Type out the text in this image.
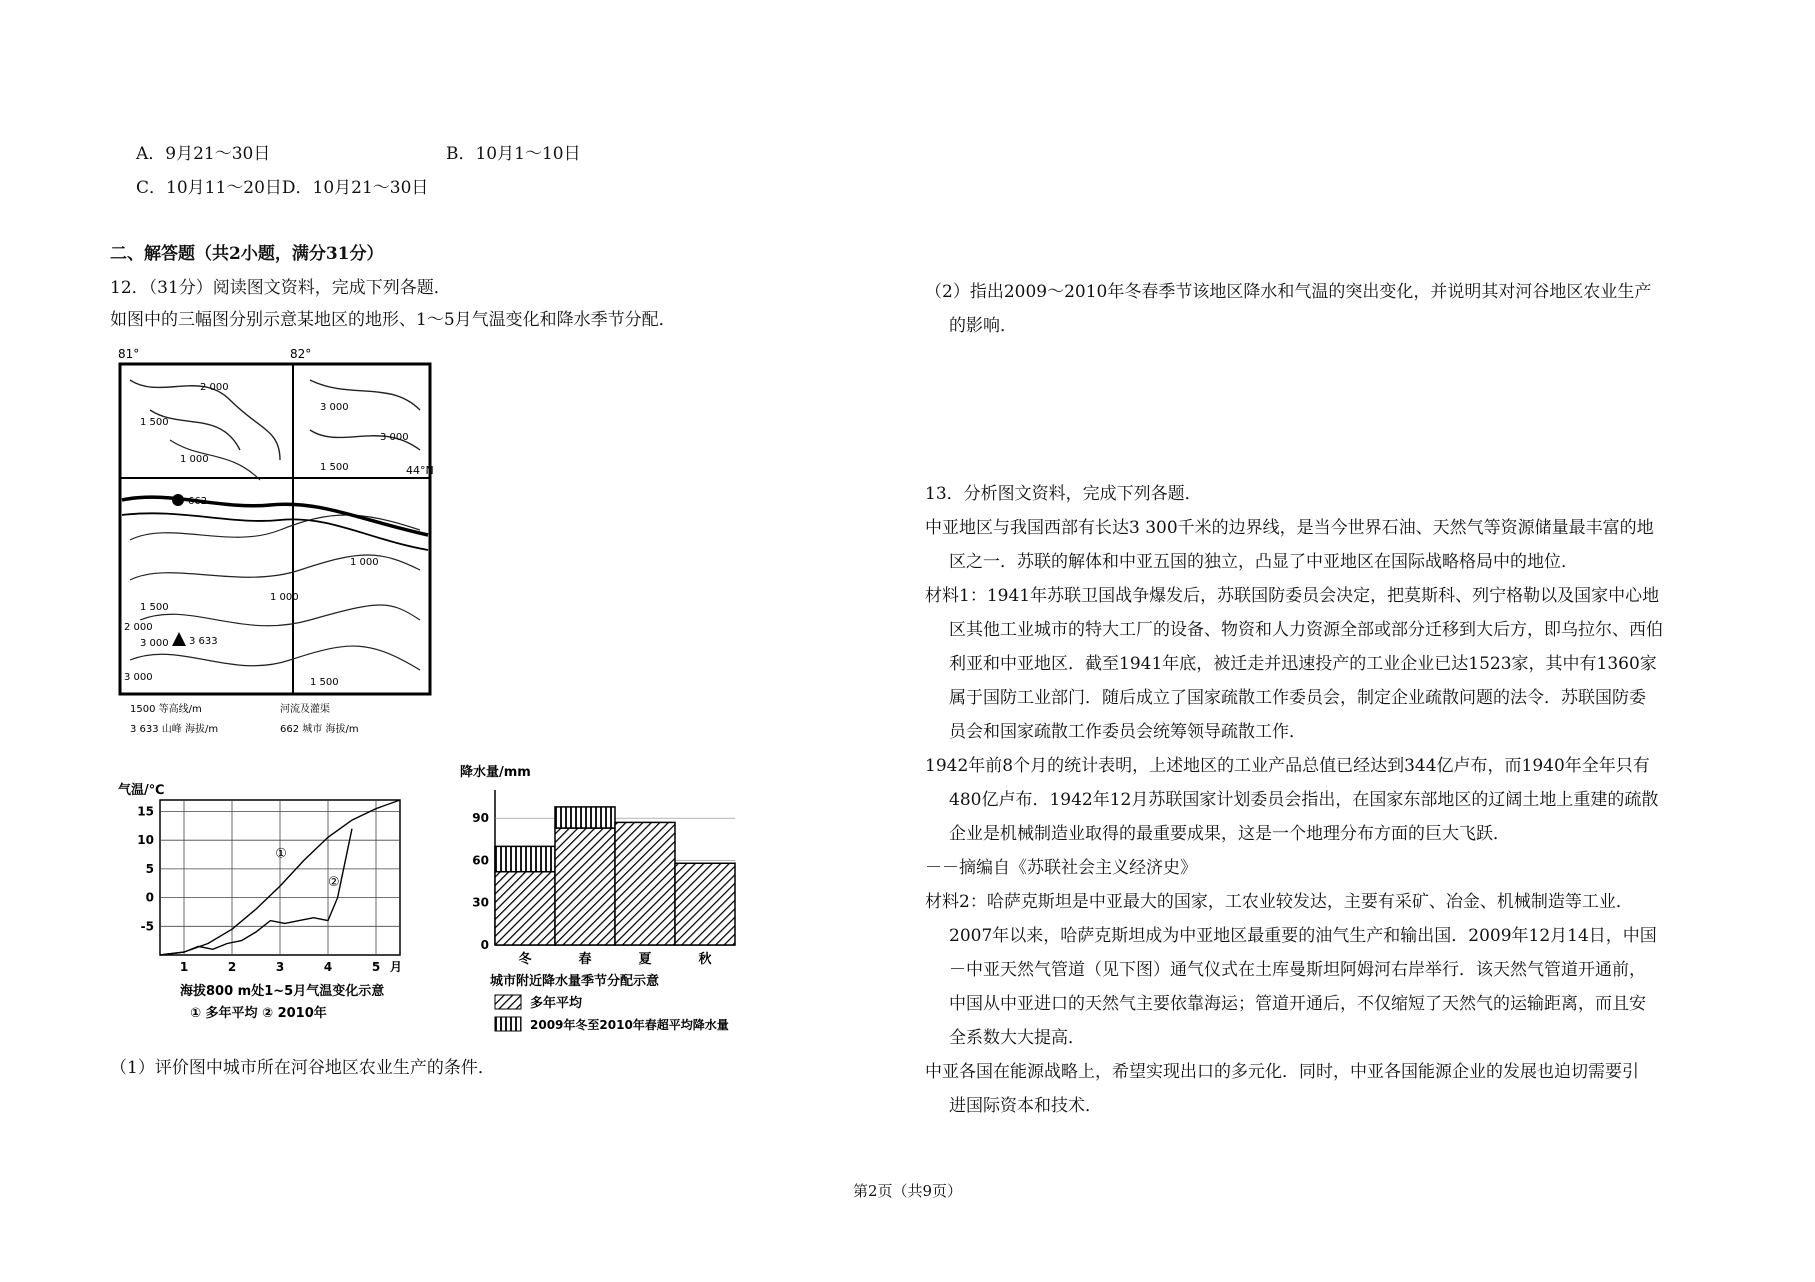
A．9月21～30日	B．10月1～10日
C．10月11～20日D．10月21～30日
二、解答题（共2小题，满分31分）
12．（31分）阅读图文资料，完成下列各题．
如图中的三幅图分别示意某地区的地形、1～5月气温变化和降水季节分配．
81°	82°
44°N
662
3 633
2 000
1 500
3 000
3 000
1 000
1 500
1 000
1 000
1 500
2 000
3 000
1 500
3 000
1500 等高线/m	河流及灌渠
3 633 山峰 海拔/m	662 城市 海拔/m
气温/℃
-5
0
5
10
15
1	2	3	4	5 月
①
②
海拔800 m处1~5月气温变化示意
① 多年平均 ② 2010年
降水量/mm
0
30
60
90
冬	春	夏	秋
城市附近降水量季节分配示意
多年平均
2009年冬至2010年春超平均降水量
（1）评价图中城市所在河谷地区农业生产的条件．
（2）指出2009～2010年冬春季节该地区降水和气温的突出变化，并说明其对河谷地区农业生产
的影响．
13．分析图文资料，完成下列各题．
中亚地区与我国西部有长达3 300千米的边界线，是当今世界石油、天然气等资源储量最丰富的地
区之一．苏联的解体和中亚五国的独立，凸显了中亚地区在国际战略格局中的地位．
材料1：1941年苏联卫国战争爆发后，苏联国防委员会决定，把莫斯科、列宁格勒以及国家中心地
区其他工业城市的特大工厂的设备、物资和人力资源全部或部分迁移到大后方，即乌拉尔、西伯
利亚和中亚地区．截至1941年底，被迁走并迅速投产的工业企业已达1523家，其中有1360家
属于国防工业部门．随后成立了国家疏散工作委员会，制定企业疏散问题的法令．苏联国防委
员会和国家疏散工作委员会统筹领导疏散工作．
1942年前8个月的统计表明，上述地区的工业产品总值已经达到344亿卢布，而1940年全年只有
480亿卢布．1942年12月苏联国家计划委员会指出，在国家东部地区的辽阔土地上重建的疏散
企业是机械制造业取得的最重要成果，这是一个地理分布方面的巨大飞跃．
－－摘编自《苏联社会主义经济史》
材料2：哈萨克斯坦是中亚最大的国家，工农业较发达，主要有采矿、冶金、机械制造等工业．
2007年以来，哈萨克斯坦成为中亚地区最重要的油气生产和输出国．2009年12月14日，中国
－中亚天然气管道（见下图）通气仪式在土库曼斯坦阿姆河右岸举行．该天然气管道开通前，
中国从中亚进口的天然气主要依靠海运；管道开通后，不仅缩短了天然气的运输距离，而且安
全系数大大提高．
中亚各国在能源战略上，希望实现出口的多元化．同时，中亚各国能源企业的发展也迫切需要引
进国际资本和技术．
第2页（共9页）
